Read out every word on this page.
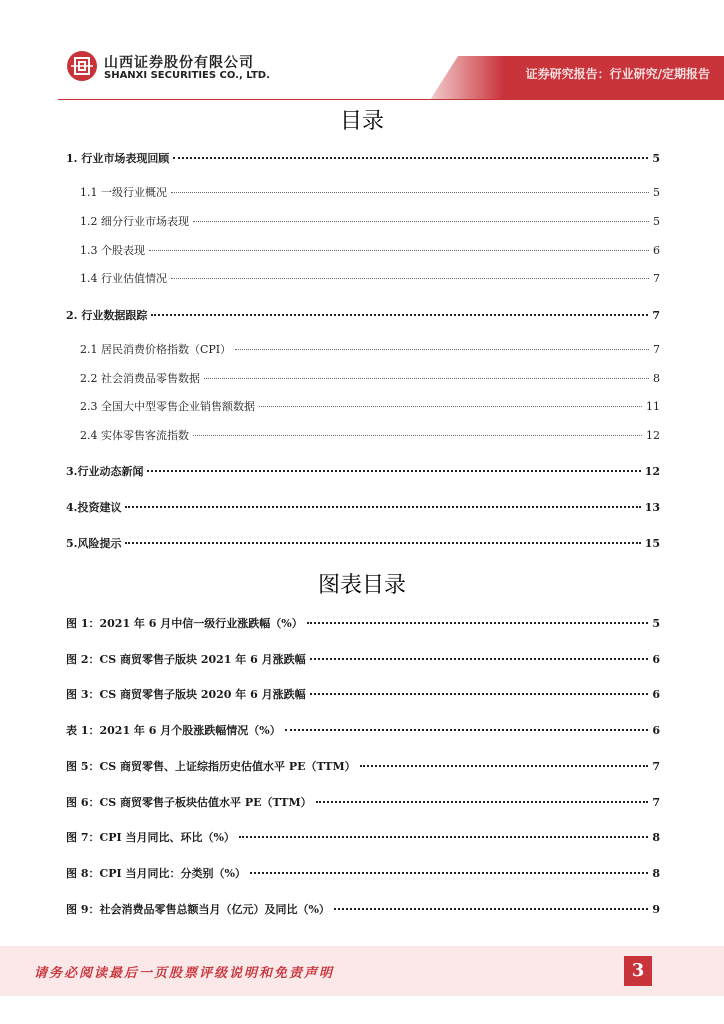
山西证券股份有限公司
SHANXI SECURITIES CO., LTD.	证券研究报告：行业研究/定期报告
目录
1. 行业市场表现回顾	5
1.1 一级行业概况	5
1.2 细分行业市场表现	5
1.3 个股表现	6
1.4 行业估值情况	7
2. 行业数据跟踪	7
2.1 居民消费价格指数（CPI）	7
2.2 社会消费品零售数据	8
2.3 全国大中型零售企业销售额数据	11
2.4 实体零售客流指数	12
3.行业动态新闻	12
4.投资建议	13
5.风险提示	15
图表目录
图 1：2021 年 6 月中信一级行业涨跌幅（%）	5
图 2：CS 商贸零售子版块 2021 年 6 月涨跌幅	6
图 3：CS 商贸零售子版块 2020 年 6 月涨跌幅	6
表 1：2021 年 6 月个股涨跌幅情况（%）	6
图 5：CS 商贸零售、上证综指历史估值水平 PE（TTM）	7
图 6：CS 商贸零售子板块估值水平 PE（TTM）	7
图 7：CPI 当月同比、环比（%）	8
图 8：CPI 当月同比：分类别（%）	8
图 9：社会消费品零售总额当月（亿元）及同比（%）	9
请务必阅读最后一页股票评级说明和免责声明	3
